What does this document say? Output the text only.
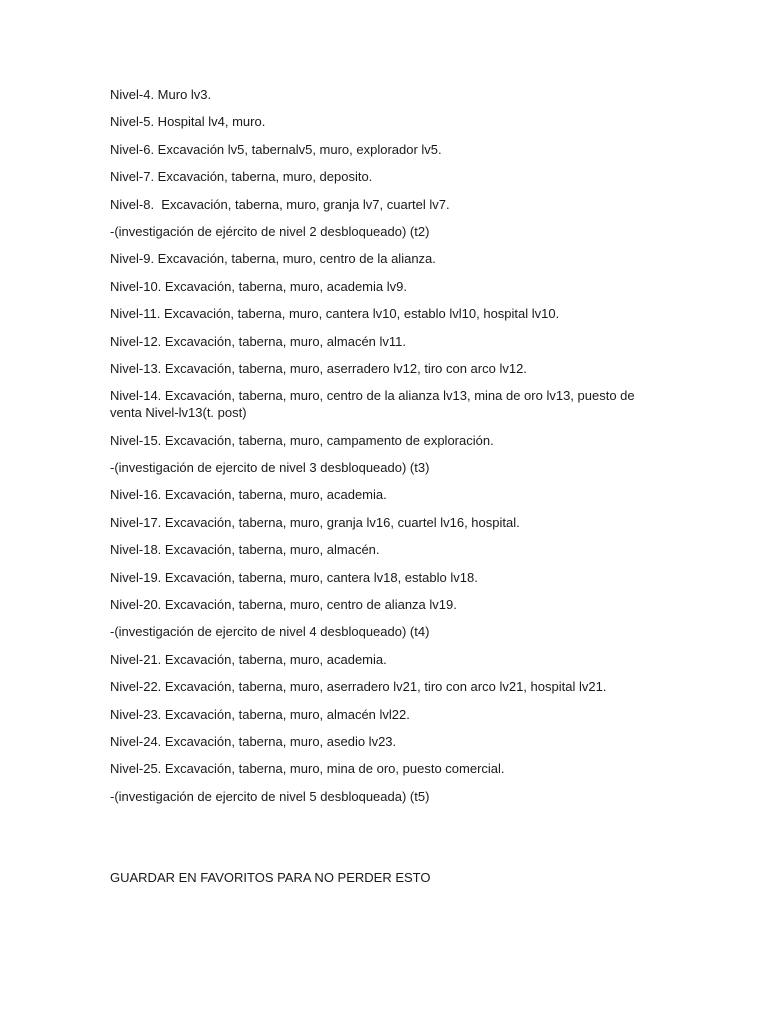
Nivel-4. Muro lv3.

Nivel-5. Hospital lv4, muro.

Nivel-6. Excavación lv5, tabernalv5, muro, explorador lv5.

Nivel-7. Excavación, taberna, muro, deposito.

Nivel-8.  Excavación, taberna, muro, granja lv7, cuartel lv7.

-(investigación de ejército de nivel 2 desbloqueado) (t2)

Nivel-9. Excavación, taberna, muro, centro de la alianza.

Nivel-10. Excavación, taberna, muro, academia lv9.

Nivel-11. Excavación, taberna, muro, cantera lv10, establo lvl10, hospital lv10.

Nivel-12. Excavación, taberna, muro, almacén lv11.

Nivel-13. Excavación, taberna, muro, aserradero lv12, tiro con arco lv12.

Nivel-14. Excavación, taberna, muro, centro de la alianza lv13, mina de oro lv13, puesto de venta Nivel-lv13(t. post)

Nivel-15. Excavación, taberna, muro, campamento de exploración.

-(investigación de ejercito de nivel 3 desbloqueado) (t3)

Nivel-16. Excavación, taberna, muro, academia.

Nivel-17. Excavación, taberna, muro, granja lv16, cuartel lv16, hospital.

Nivel-18. Excavación, taberna, muro, almacén.

Nivel-19. Excavación, taberna, muro, cantera lv18, establo lv18.

Nivel-20. Excavación, taberna, muro, centro de alianza lv19.

-(investigación de ejercito de nivel 4 desbloqueado) (t4)

Nivel-21. Excavación, taberna, muro, academia.

Nivel-22. Excavación, taberna, muro, aserradero lv21, tiro con arco lv21, hospital lv21.

Nivel-23. Excavación, taberna, muro, almacén lvl22.

Nivel-24. Excavación, taberna, muro, asedio lv23.

Nivel-25. Excavación, taberna, muro, mina de oro, puesto comercial.

-(investigación de ejercito de nivel 5 desbloqueada) (t5)

GUARDAR EN FAVORITOS PARA NO PERDER ESTO
